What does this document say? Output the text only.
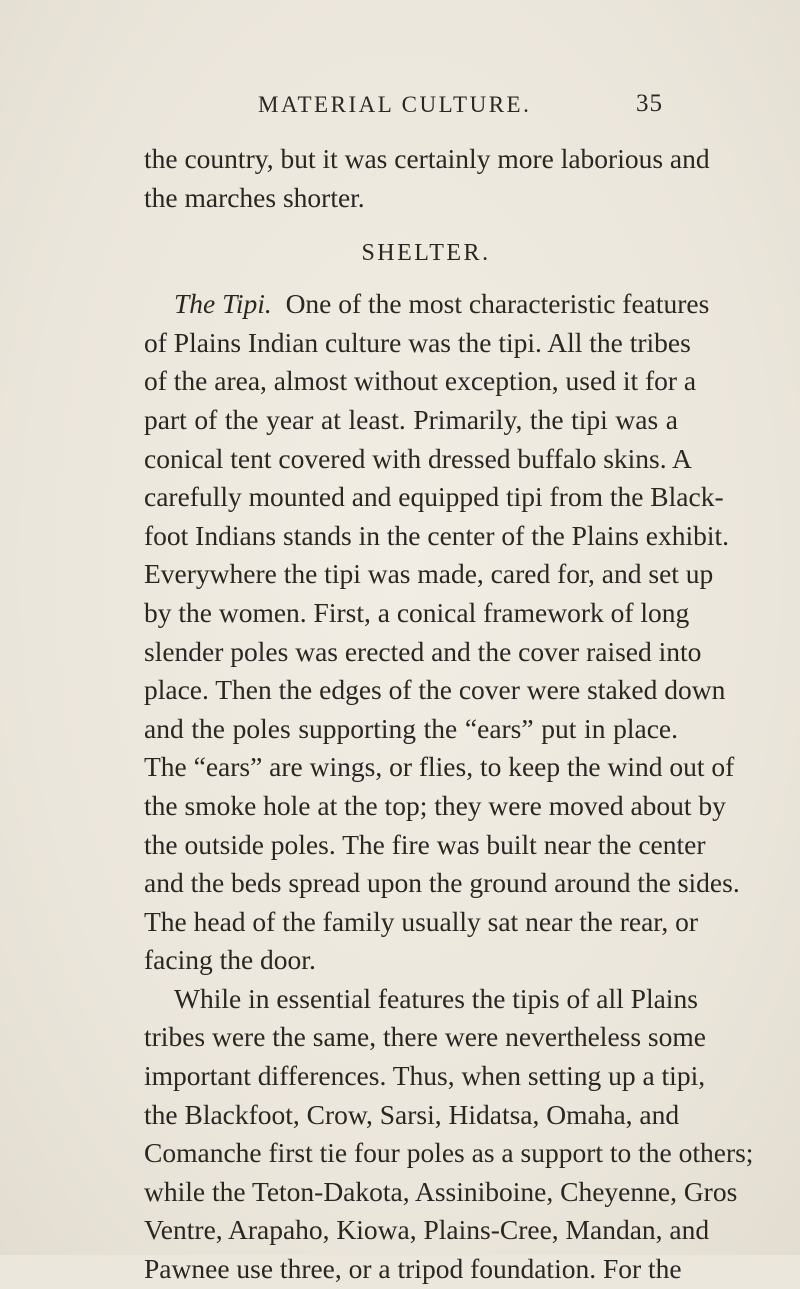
MATERIAL CULTURE.	35
the country, but it was certainly more laborious and
the marches shorter.
SHELTER.
The Tipi. One of the most characteristic features
of Plains Indian culture was the tipi. All the tribes
of the area, almost without exception, used it for a
part of the year at least. Primarily, the tipi was a
conical tent covered with dressed buffalo skins. A
carefully mounted and equipped tipi from the Black-
foot Indians stands in the center of the Plains exhibit.
Everywhere the tipi was made, cared for, and set up
by the women. First, a conical framework of long
slender poles was erected and the cover raised into
place. Then the edges of the cover were staked down
and the poles supporting the “ears” put in place.
The “ears” are wings, or flies, to keep the wind out of
the smoke hole at the top; they were moved about by
the outside poles. The fire was built near the center
and the beds spread upon the ground around the sides.
The head of the family usually sat near the rear, or
facing the door.
While in essential features the tipis of all Plains
tribes were the same, there were nevertheless some
important differences. Thus, when setting up a tipi,
the Blackfoot, Crow, Sarsi, Hidatsa, Omaha, and
Comanche first tie four poles as a support to the others;
while the Teton-Dakota, Assiniboine, Cheyenne, Gros
Ventre, Arapaho, Kiowa, Plains-Cree, Mandan, and
Pawnee use three, or a tripod foundation. For the
